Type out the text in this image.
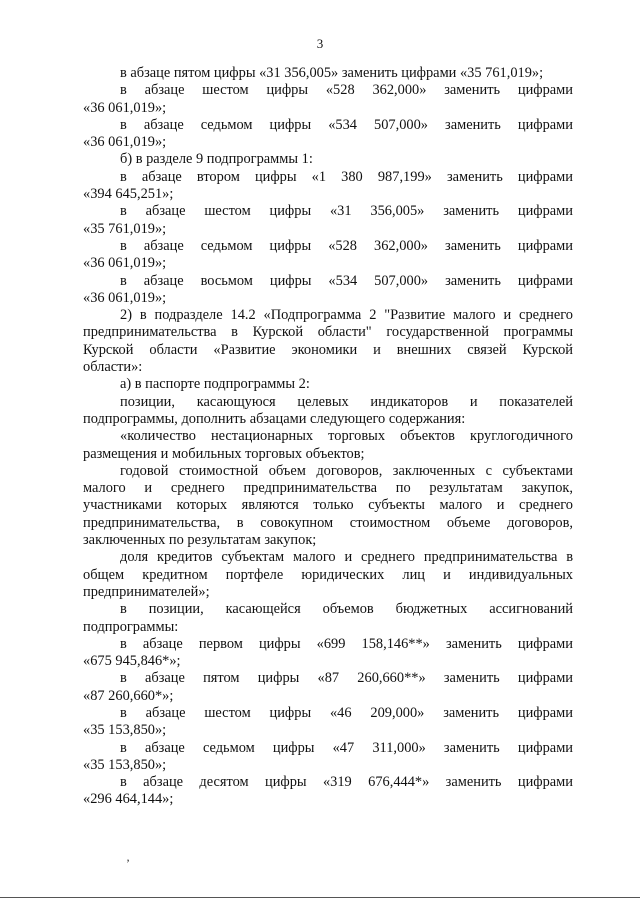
3
в абзаце пятом цифры «31 356,005» заменить цифрами «35 761,019»;
в абзаце шестом цифры «528 362,000» заменить цифрами
«36 061,019»;
в абзаце седьмом цифры «534 507,000» заменить цифрами
«36 061,019»;
б) в разделе 9 подпрограммы 1:
в абзаце втором цифры «1 380 987,199» заменить цифрами
«394 645,251»;
в абзаце шестом цифры «31 356,005» заменить цифрами
«35 761,019»;
в абзаце седьмом цифры «528 362,000» заменить цифрами
«36 061,019»;
в абзаце восьмом цифры «534 507,000» заменить цифрами
«36 061,019»;
2) в подразделе 14.2 «Подпрограмма 2 "Развитие малого и среднего
предпринимательства в Курской области" государственной программы
Курской области «Развитие экономики и внешних связей Курской
области»:
а) в паспорте подпрограммы 2:
позиции, касающуюся целевых индикаторов и показателей
подпрограммы, дополнить абзацами следующего содержания:
«количество нестационарных торговых объектов круглогодичного
размещения и мобильных торговых объектов;
годовой стоимостной объем договоров, заключенных с субъектами
малого и среднего предпринимательства по результатам закупок,
участниками которых являются только субъекты малого и среднего
предпринимательства, в совокупном стоимостном объеме договоров,
заключенных по результатам закупок;
доля кредитов субъектам малого и среднего предпринимательства в
общем кредитном портфеле юридических лиц и индивидуальных
предпринимателей»;
в позиции, касающейся объемов бюджетных ассигнований
подпрограммы:
в абзаце первом цифры «699 158,146**» заменить цифрами
«675 945,846*»;
в абзаце пятом цифры «87 260,660**» заменить цифрами
«87 260,660*»;
в абзаце шестом цифры «46 209,000» заменить цифрами
«35 153,850»;
в абзаце седьмом цифры «47 311,000» заменить цифрами
«35 153,850»;
в абзаце десятом цифры «319 676,444*» заменить цифрами
«296 464,144»;
’
